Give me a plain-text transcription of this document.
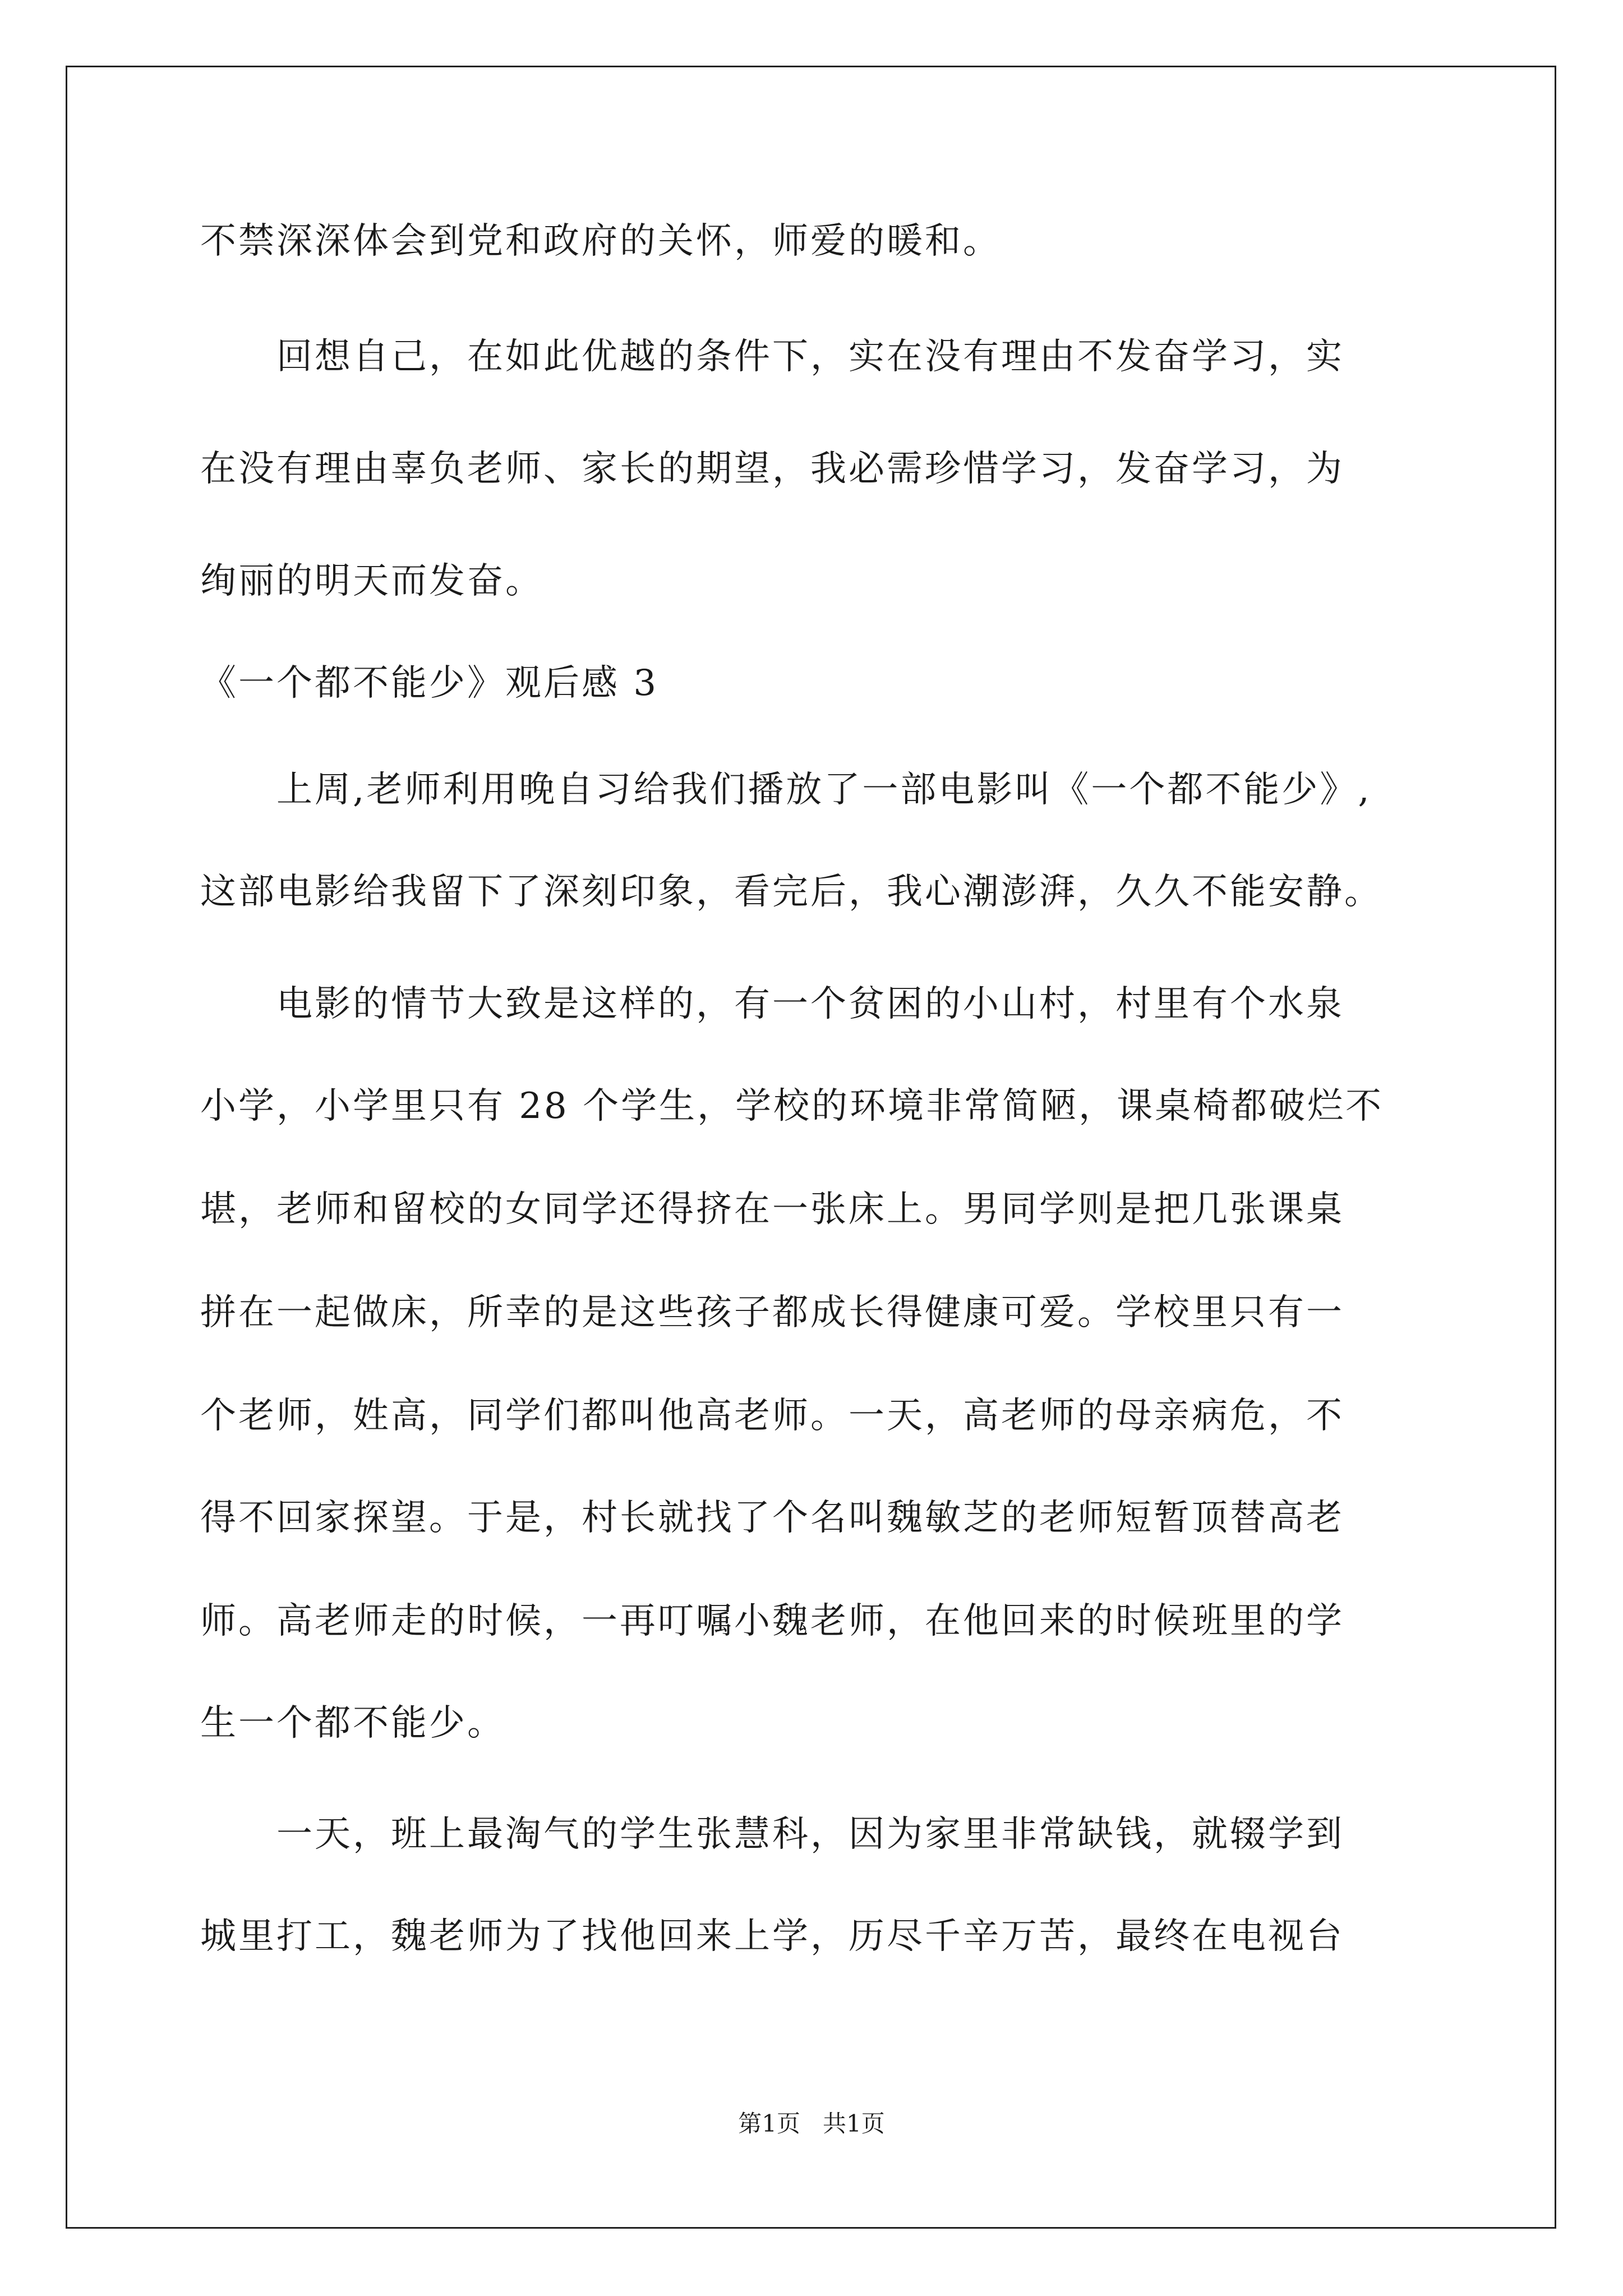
不禁深深体会到党和政府的关怀，师爱的暖和。
　　回想自己，在如此优越的条件下，实在没有理由不发奋学习，实
在没有理由辜负老师、家长的期望，我必需珍惜学习，发奋学习，为
绚丽的明天而发奋。
《一个都不能少》观后感 3
　　上周,老师利用晚自习给我们播放了一部电影叫《一个都不能少》,
这部电影给我留下了深刻印象，看完后，我心潮澎湃，久久不能安静。
　　电影的情节大致是这样的，有一个贫困的小山村，村里有个水泉
小学，小学里只有 28 个学生，学校的环境非常简陋，课桌椅都破烂不
堪，老师和留校的女同学还得挤在一张床上。男同学则是把几张课桌
拼在一起做床，所幸的是这些孩子都成长得健康可爱。学校里只有一
个老师，姓高，同学们都叫他高老师。一天，高老师的母亲病危，不
得不回家探望。于是，村长就找了个名叫魏敏芝的老师短暂顶替高老
师。高老师走的时候，一再叮嘱小魏老师，在他回来的时候班里的学
生一个都不能少。
　　一天，班上最淘气的学生张慧科，因为家里非常缺钱，就辍学到
城里打工，魏老师为了找他回来上学，历尽千辛万苦，最终在电视台
第1页   共1页
